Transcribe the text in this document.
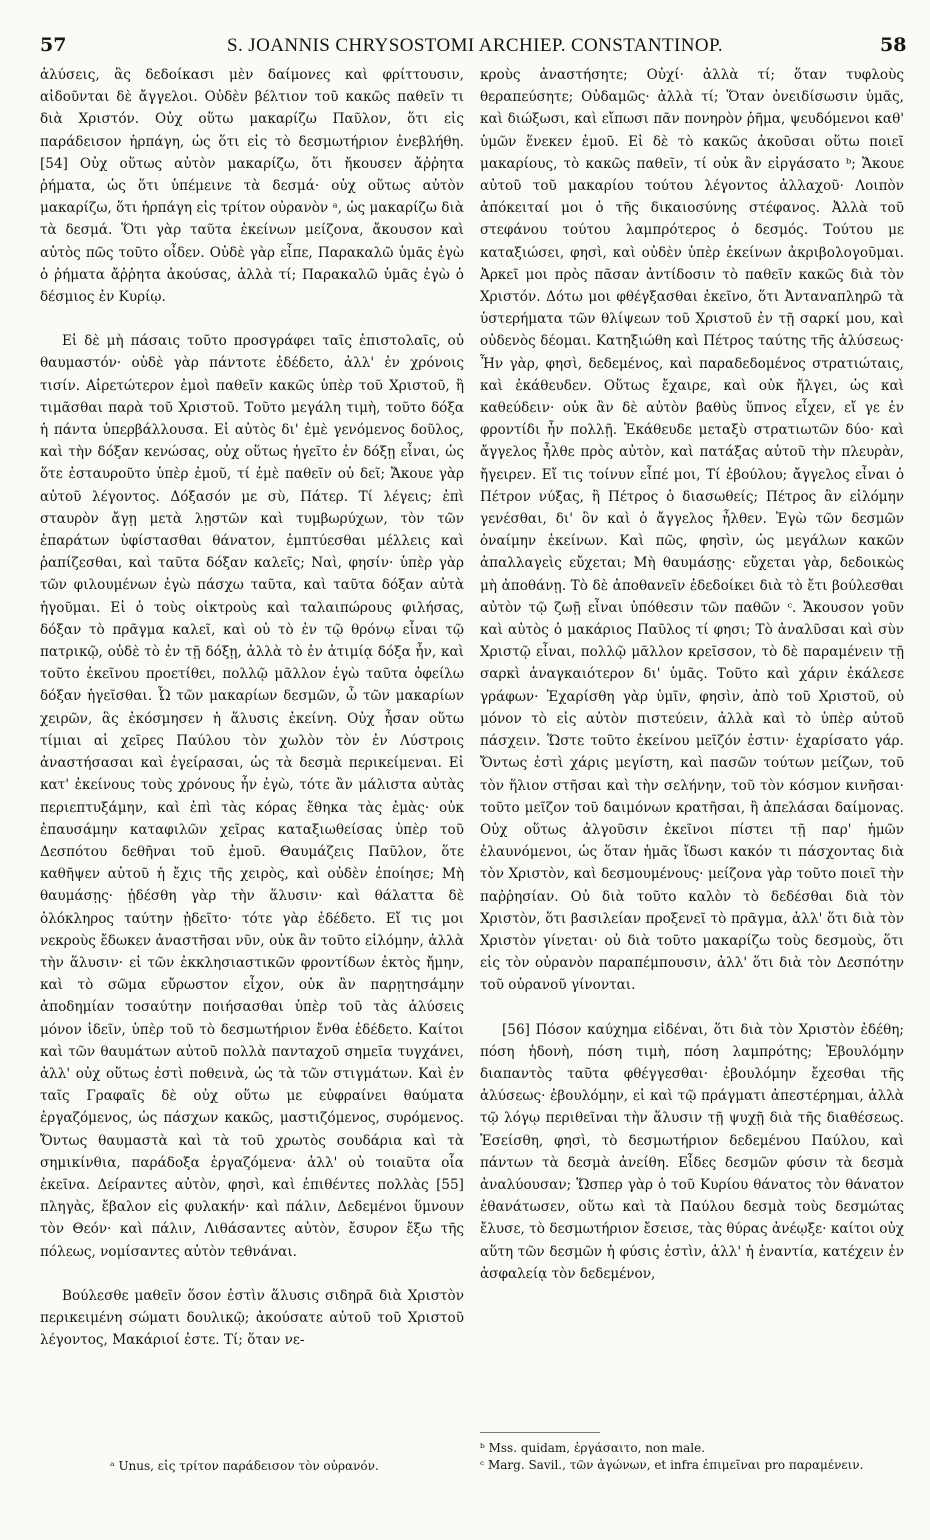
57	S. JOANNIS CHRYSOSTOMI ARCHIEP. CONSTANTINOP.	58

ἁλύσεις, ἃς δεδοίκασι μὲν δαίμονες καὶ φρίττουσιν, αἰδοῦνται δὲ ἄγγελοι. Οὐδὲν βέλτιον τοῦ κακῶς παθεῖν τι διὰ Χριστόν. Οὐχ οὕτω μακαρίζω Παῦλον, ὅτι εἰς παράδεισον ἡρπάγη, ὡς ὅτι εἰς τὸ δεσμωτήριον ἐνεβλήθη. [54] Οὐχ οὕτως αὐτὸν μακαρίζω, ὅτι ἤκουσεν ἄῤῥητα ῥήματα, ὡς ὅτι ὑπέμεινε τὰ δεσμά· οὐχ οὕτως αὐτὸν μακαρίζω, ὅτι ἡρπάγη εἰς τρίτον οὐρανὸν ᵃ, ὡς μακαρίζω διὰ τὰ δεσμά. Ὅτι γὰρ ταῦτα ἐκείνων μείζονα, ἄκουσον καὶ αὐτὸς πῶς τοῦτο οἶδεν. Οὐδὲ γὰρ εἶπε, Παρακαλῶ ὑμᾶς ἐγὼ ὁ ῥήματα ἄῤῥητα ἀκούσας, ἀλλὰ τί; Παρακαλῶ ὑμᾶς ἐγὼ ὁ δέσμιος ἐν Κυρίῳ.

Εἰ δὲ μὴ πάσαις τοῦτο προσγράφει ταῖς ἐπιστολαῖς, οὐ θαυμαστόν· οὐδὲ γὰρ πάντοτε ἐδέδετο, ἀλλ' ἐν χρόνοις τισίν. Αἱρετώτερον ἐμοὶ παθεῖν κακῶς ὑπὲρ τοῦ Χριστοῦ, ἢ τιμᾶσθαι παρὰ τοῦ Χριστοῦ. Τοῦτο μεγάλη τιμὴ, τοῦτο δόξα ἡ πάντα ὑπερβάλλουσα. Εἰ αὐτὸς δι' ἐμὲ γενόμενος δοῦλος, καὶ τὴν δόξαν κενώσας, οὐχ οὕτως ἡγεῖτο ἐν δόξῃ εἶναι, ὡς ὅτε ἐσταυροῦτο ὑπὲρ ἐμοῦ, τί ἐμὲ παθεῖν οὐ δεῖ; Ἄκουε γὰρ αὐτοῦ λέγοντος. Δόξασόν με σὺ, Πάτερ. Τί λέγεις; ἐπὶ σταυρὸν ἄγῃ μετὰ λῃστῶν καὶ τυμβωρύχων, τὸν τῶν ἐπαράτων ὑφίστασθαι θάνατον, ἐμπτύεσθαι μέλλεις καὶ ῥαπίζεσθαι, καὶ ταῦτα δόξαν καλεῖς; Ναὶ, φησίν· ὑπὲρ γὰρ τῶν φιλουμένων ἐγὼ πάσχω ταῦτα, καὶ ταῦτα δόξαν αὐτὰ ἡγοῦμαι. Εἰ ὁ τοὺς οἰκτροὺς καὶ ταλαιπώρους φιλήσας, δόξαν τὸ πρᾶγμα καλεῖ, καὶ οὐ τὸ ἐν τῷ θρόνῳ εἶναι τῷ πατρικῷ, οὐδὲ τὸ ἐν τῇ δόξῃ, ἀλλὰ τὸ ἐν ἀτιμίᾳ δόξα ἦν, καὶ τοῦτο ἐκεῖνου προετίθει, πολλῷ μᾶλλον ἐγὼ ταῦτα ὀφείλω δόξαν ἡγεῖσθαι. Ὦ τῶν μακαρίων δεσμῶν, ὦ τῶν μακαρίων χειρῶν, ἃς ἐκόσμησεν ἡ ἅλυσις ἐκείνη. Οὐχ ἦσαν οὕτω τίμιαι αἱ χεῖρες Παύλου τὸν χωλὸν τὸν ἐν Λύστροις ἀναστήσασαι καὶ ἐγείρασαι, ὡς τὰ δεσμὰ περικείμεναι. Εἰ κατ' ἐκείνους τοὺς χρόνους ἦν ἐγὼ, τότε ἂν μάλιστα αὐτὰς περιεπτυξάμην, καὶ ἐπὶ τὰς κόρας ἔθηκα τὰς ἐμὰς· οὐκ ἐπαυσάμην καταφιλῶν χεῖρας καταξιωθείσας ὑπὲρ τοῦ Δεσπότου δεθῆναι τοῦ ἐμοῦ. Θαυμάζεις Παῦλον, ὅτε καθῆψεν αὐτοῦ ἡ ἔχις τῆς χειρὸς, καὶ οὐδὲν ἐποίησε; Μὴ θαυμάσῃς· ᾐδέσθη γὰρ τὴν ἅλυσιν· καὶ θάλαττα δὲ ὁλόκληρος ταύτην ᾐδεῖτο· τότε γὰρ ἐδέδετο. Εἴ τις μοι νεκροὺς ἔδωκεν ἀναστῆσαι νῦν, οὐκ ἂν τοῦτο εἱλόμην, ἀλλὰ τὴν ἅλυσιν· εἰ τῶν ἐκκλησιαστικῶν φροντίδων ἐκτὸς ἤμην, καὶ τὸ σῶμα εὔρωστον εἶχον, οὐκ ἂν παρῃτησάμην ἀποδημίαν τοσαύτην ποιήσασθαι ὑπὲρ τοῦ τὰς ἁλύσεις μόνον ἰδεῖν, ὑπὲρ τοῦ τὸ δεσμωτήριον ἔνθα ἐδέδετο. Καίτοι καὶ τῶν θαυμάτων αὐτοῦ πολλὰ πανταχοῦ σημεῖα τυγχάνει, ἀλλ' οὐχ οὕτως ἐστὶ ποθεινὰ, ὡς τὰ τῶν στιγμάτων. Καὶ ἐν ταῖς Γραφαῖς δὲ οὐχ οὕτω με εὐφραίνει θαύματα ἐργαζόμενος, ὡς πάσχων κακῶς, μαστιζόμενος, συρόμενος. Ὄντως θαυμαστὰ καὶ τὰ τοῦ χρωτὸς σουδάρια καὶ τὰ σημικίνθια, παράδοξα ἐργαζόμενα· ἀλλ' οὐ τοιαῦτα οἷα ἐκεῖνα. Δείραντες αὐτὸν, φησὶ, καὶ ἐπιθέντες πολλὰς [55] πληγὰς, ἔβαλον εἰς φυλακήν· καὶ πάλιν, Δεδεμένοι ὕμνουν τὸν Θεόν· καὶ πάλιν, Λιθάσαντες αὐτὸν, ἔσυρον ἔξω τῆς πόλεως, νομίσαντες αὐτὸν τεθνάναι.

Βούλεσθε μαθεῖν ὅσον ἐστὶν ἅλυσις σιδηρᾶ διὰ Χριστὸν περικειμένη σώματι δουλικῷ; ἀκούσατε αὐτοῦ τοῦ Χριστοῦ λέγοντος, Μακάριοί ἐστε. Τί; ὅταν νε-

κροὺς ἀναστήσητε; Οὐχί· ἀλλὰ τί; ὅταν τυφλοὺς θεραπεύσητε; Οὐδαμῶς· ἀλλὰ τί; Ὅταν ὀνειδίσωσιν ὑμᾶς, καὶ διώξωσι, καὶ εἴπωσι πᾶν πονηρὸν ῥῆμα, ψευδόμενοι καθ' ὑμῶν ἕνεκεν ἐμοῦ. Εἰ δὲ τὸ κακῶς ἀκοῦσαι οὕτω ποιεῖ μακαρίους, τὸ κακῶς παθεῖν, τί οὐκ ἂν εἰργάσατο ᵇ; Ἄκουε αὐτοῦ τοῦ μακαρίου τούτου λέγοντος ἀλλαχοῦ· Λοιπὸν ἀπόκειταί μοι ὁ τῆς δικαιοσύνης στέφανος. Ἀλλὰ τοῦ στεφάνου τούτου λαμπρότερος ὁ δεσμός. Τούτου με καταξιώσει, φησὶ, καὶ οὐδὲν ὑπὲρ ἐκείνων ἀκριβολογοῦμαι. Ἀρκεῖ μοι πρὸς πᾶσαν ἀντίδοσιν τὸ παθεῖν κακῶς διὰ τὸν Χριστόν. Δότω μοι φθέγξασθαι ἐκεῖνο, ὅτι Ἀνταναπληρῶ τὰ ὑστερήματα τῶν θλίψεων τοῦ Χριστοῦ ἐν τῇ σαρκί μου, καὶ οὐδενὸς δέομαι. Κατηξιώθη καὶ Πέτρος ταύτης τῆς ἁλύσεως· Ἦν γὰρ, φησὶ, δεδεμένος, καὶ παραδεδομένος στρατιώταις, καὶ ἐκάθευδεν. Οὕτως ἔχαιρε, καὶ οὐκ ἤλγει, ὡς καὶ καθεύδειν· οὐκ ἂν δὲ αὐτὸν βαθὺς ὕπνος εἶχεν, εἴ γε ἐν φροντίδι ἦν πολλῇ. Ἐκάθευδε μεταξὺ στρατιωτῶν δύο· καὶ ἄγγελος ἦλθε πρὸς αὐτὸν, καὶ πατάξας αὐτοῦ τὴν πλευρὰν, ἤγειρεν. Εἴ τις τοίνυν εἶπέ μοι, Τί ἐβούλου; ἄγγελος εἶναι ὁ Πέτρον νύξας, ἢ Πέτρος ὁ διασωθείς; Πέτρος ἂν εἱλόμην γενέσθαι, δι' ὃν καὶ ὁ ἄγγελος ἦλθεν. Ἐγὼ τῶν δεσμῶν ὀναίμην ἐκείνων. Καὶ πῶς, φησὶν, ὡς μεγάλων κακῶν ἀπαλλαγεὶς εὔχεται; Μὴ θαυμάσῃς· εὔχεται γὰρ, δεδοικὼς μὴ ἀποθάνῃ. Τὸ δὲ ἀποθανεῖν ἐδεδοίκει διὰ τὸ ἔτι βούλεσθαι αὐτὸν τῷ ζωῇ εἶναι ὑπόθεσιν τῶν παθῶν ᶜ. Ἄκουσον γοῦν καὶ αὐτὸς ὁ μακάριος Παῦλος τί φησι; Τὸ ἀναλῦσαι καὶ σὺν Χριστῷ εἶναι, πολλῷ μᾶλλον κρεῖσσον, τὸ δὲ παραμένειν τῇ σαρκὶ ἀναγκαιότερον δι' ὑμᾶς. Τοῦτο καὶ χάριν ἐκάλεσε γράφων· Ἐχαρίσθη γὰρ ὑμῖν, φησὶν, ἀπὸ τοῦ Χριστοῦ, οὐ μόνον τὸ εἰς αὐτὸν πιστεύειν, ἀλλὰ καὶ τὸ ὑπὲρ αὐτοῦ πάσχειν. Ὥστε τοῦτο ἐκείνου μεῖζόν ἐστιν· ἐχαρίσατο γάρ. Ὄντως ἐστὶ χάρις μεγίστη, καὶ πασῶν τούτων μείζων, τοῦ τὸν ἥλιον στῆσαι καὶ τὴν σελήνην, τοῦ τὸν κόσμον κινῆσαι· τοῦτο μεῖζον τοῦ δαιμόνων κρατῆσαι, ἢ ἀπελάσαι δαίμονας. Οὐχ οὕτως ἀλγοῦσιν ἐκεῖνοι πίστει τῇ παρ' ἡμῶν ἐλαυνόμενοι, ὡς ὅταν ἡμᾶς ἴδωσι κακόν τι πάσχοντας διὰ τὸν Χριστὸν, καὶ δεσμουμένους· μείζονα γὰρ τοῦτο ποιεῖ τὴν παῤῥησίαν. Οὐ διὰ τοῦτο καλὸν τὸ δεδέσθαι διὰ τὸν Χριστὸν, ὅτι βασιλείαν προξενεῖ τὸ πρᾶγμα, ἀλλ' ὅτι διὰ τὸν Χριστὸν γίνεται· οὐ διὰ τοῦτο μακαρίζω τοὺς δεσμοὺς, ὅτι εἰς τὸν οὐρανὸν παραπέμπουσιν, ἀλλ' ὅτι διὰ τὸν Δεσπότην τοῦ οὐρανοῦ γίνονται.

[56] Πόσον καύχημα εἰδέναι, ὅτι διὰ τὸν Χριστὸν ἐδέθη; πόση ἡδονὴ, πόση τιμὴ, πόση λαμπρότης; Ἐβουλόμην διαπαντὸς ταῦτα φθέγγεσθαι· ἐβουλόμην ἔχεσθαι τῆς ἁλύσεως· ἐβουλόμην, εἰ καὶ τῷ πράγματι ἀπεστέρημαι, ἀλλὰ τῷ λόγῳ περιθεῖναι τὴν ἅλυσιν τῇ ψυχῇ διὰ τῆς διαθέσεως. Ἐσείσθη, φησὶ, τὸ δεσμωτήριον δεδεμένου Παύλου, καὶ πάντων τὰ δεσμὰ ἀνείθη. Εἶδες δεσμῶν φύσιν τὰ δεσμὰ ἀναλύουσαν; Ὥσπερ γὰρ ὁ τοῦ Κυρίου θάνατος τὸν θάνατον ἐθανάτωσεν, οὕτω καὶ τὰ Παύλου δεσμὰ τοὺς δεσμώτας ἔλυσε, τὸ δεσμωτήριον ἔσεισε, τὰς θύρας ἀνέῳξε· καίτοι οὐχ αὕτη τῶν δεσμῶν ἡ φύσις ἐστὶν, ἀλλ' ἡ ἐναντία, κατέχειν ἐν ἀσφαλείᾳ τὸν δεδεμένον,

ᵃ Unus, εἰς τρίτον παράδεισον τὸν οὐρανόν.
ᵇ Mss. quidam, ἐργάσαιτο, non male.
ᶜ Marg. Savil., τῶν ἀγώνων, et infra ἐπιμεῖναι pro παραμένειν.
